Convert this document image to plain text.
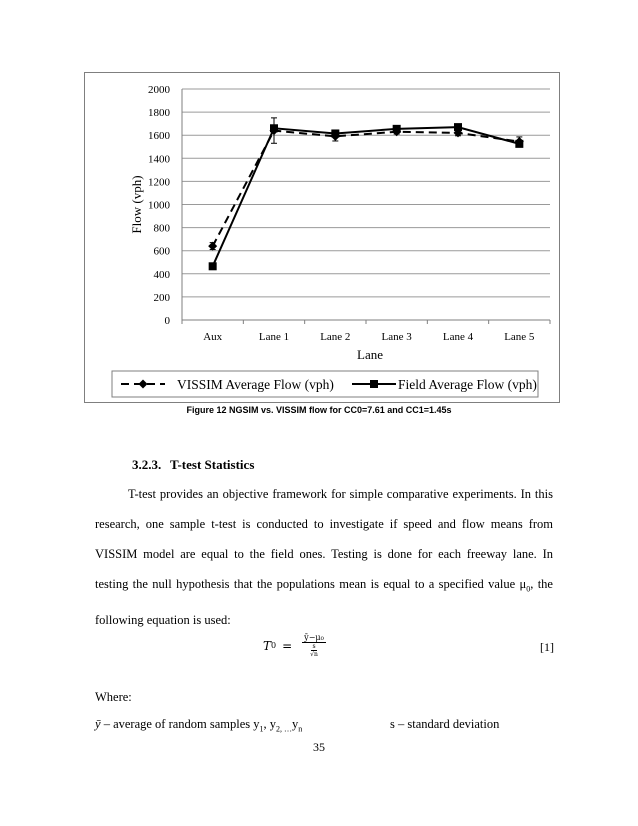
0
200
400
600
800
1000
1200
1400
1600
1800
2000
Aux	Lane 1	Lane 2	Lane 3	Lane 4	Lane 5
Lane
Flow (vph)
VISSIM Average Flow (vph)	Field Average Flow (vph)
Figure 12 NGSIM vs. VISSIM flow for CC0=7.61 and CC1=1.45s
3.2.3. T-test Statistics
T-test provides an objective framework for simple comparative experiments. In this
research, one sample t-test is conducted to investigate if speed and flow means from
VISSIM model are equal to the field ones. Testing is done for each freeway lane. In
testing the null hypothesis that the populations mean is equal to a specified value $\mu_0$, the
following equation is used:
T 0 = ȳ−μ₀
s
√n	[1]
Where:
ȳ – average of random samples $y_1$, $y_{2, \dots}y_n$	s – standard deviation
35
